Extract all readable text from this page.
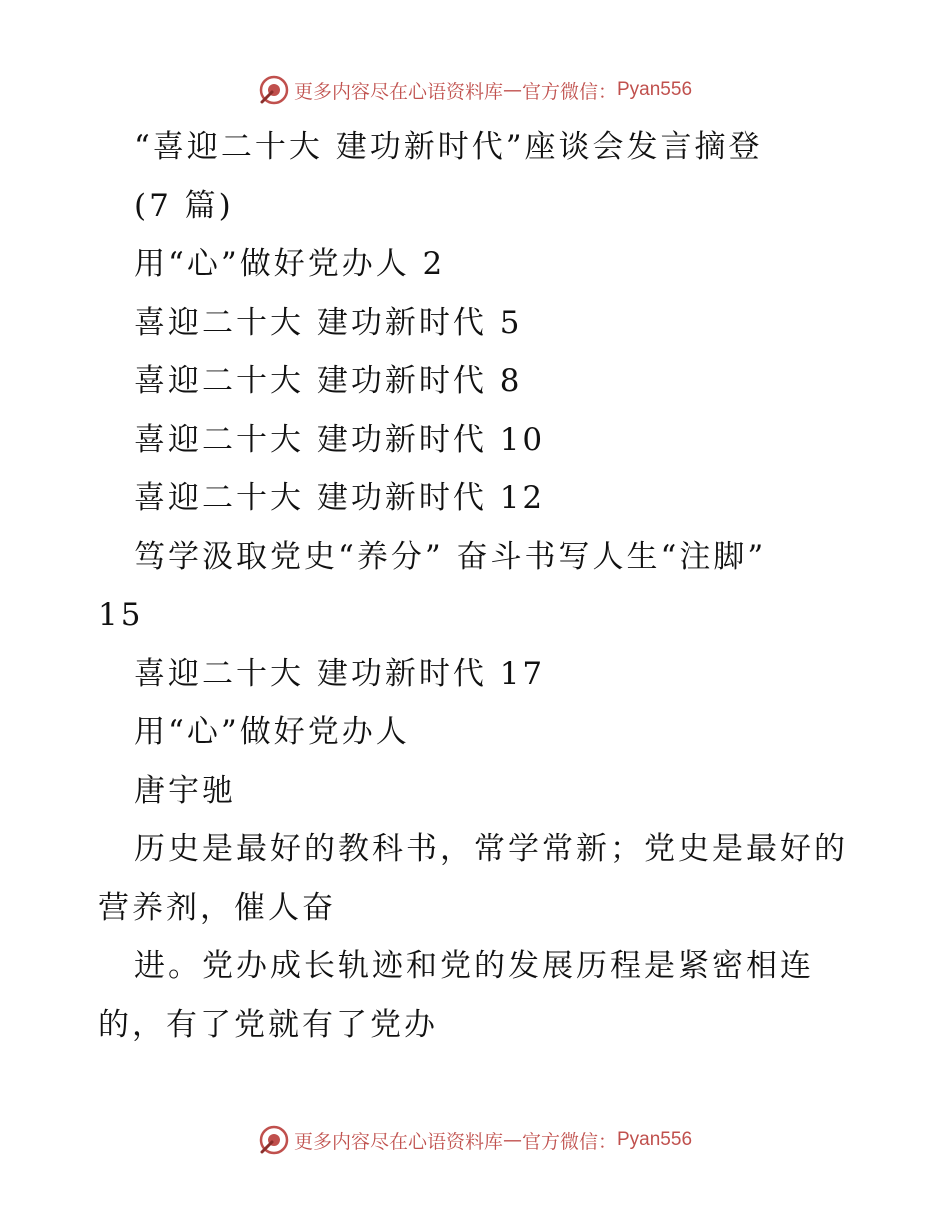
更多内容尽在心语资料库 — 官方微信： Pyan556
“喜迎二十大 建功新时代”座谈会发言摘登
(7 篇)
用“心”做好党办人 2
喜迎二十大 建功新时代 5
喜迎二十大 建功新时代 8
喜迎二十大 建功新时代 10
喜迎二十大 建功新时代 12
笃学汲取党史“养分” 奋斗书写人生“注脚”
15
喜迎二十大 建功新时代 17
用“心”做好党办人
唐宇驰
历史是最好的教科书，常学常新；党史是最好的
营养剂，催人奋
进。党办成长轨迹和党的发展历程是紧密相连
的，有了党就有了党办
更多内容尽在心语资料库 — 官方微信： Pyan556
